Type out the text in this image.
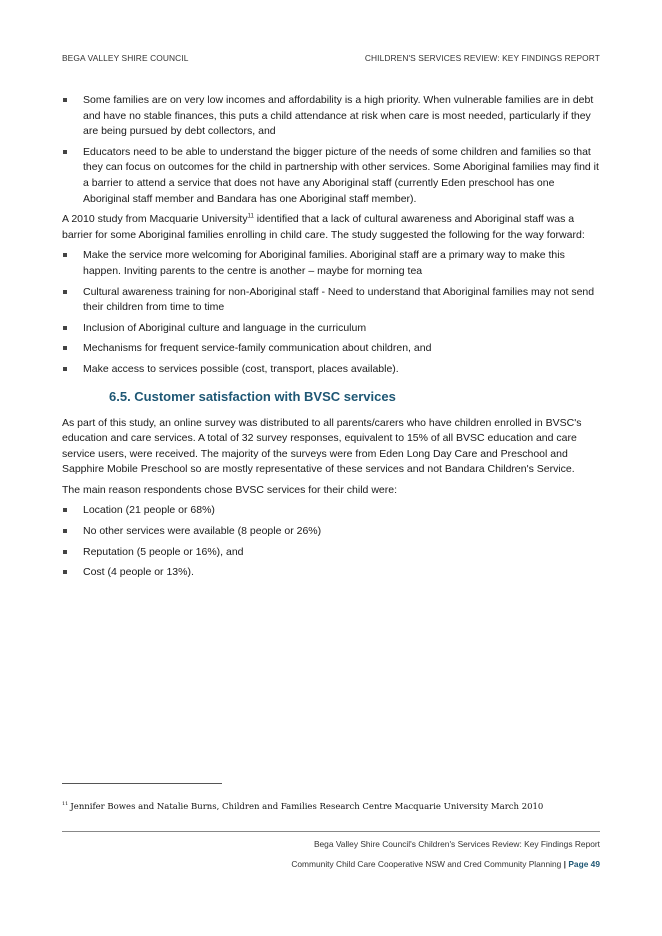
BEGA VALLEY SHIRE COUNCIL	CHILDREN'S SERVICES REVIEW: KEY FINDINGS REPORT
Some families are on very low incomes and affordability is a high priority. When vulnerable families are in debt and have no stable finances, this puts a child attendance at risk when care is most needed, particularly if they are being pursued by debt collectors, and
Educators need to be able to understand the bigger picture of the needs of some children and families so that they can focus on outcomes for the child in partnership with other services. Some Aboriginal families may find it a barrier to attend a service that does not have any Aboriginal staff (currently Eden preschool has one Aboriginal staff member and Bandara has one Aboriginal staff member).

A 2010 study from Macquarie University$^{11}$ identified that a lack of cultural awareness and Aboriginal staff was a barrier for some Aboriginal families enrolling in child care. The study suggested the following for the way forward:

Make the service more welcoming for Aboriginal families. Aboriginal staff are a primary way to make this happen. Inviting parents to the centre is another – maybe for morning tea
Cultural awareness training for non-Aboriginal staff - Need to understand that Aboriginal families may not send their children from time to time
Inclusion of Aboriginal culture and language in the curriculum
Mechanisms for frequent service-family communication about children, and
Make access to services possible (cost, transport, places available).
6.5. Customer satisfaction with BVSC services

As part of this study, an online survey was distributed to all parents/carers who have children enrolled in BVSC's education and care services. A total of 32 survey responses, equivalent to 15% of all BVSC education and care service users, were received. The majority of the surveys were from Eden Long Day Care and Preschool and Sapphire Mobile Preschool so are mostly representative of these services and not Bandara Children's Service.

The main reason respondents chose BVSC services for their child were:

Location (21 people or 68%)
No other services were available (8 people or 26%)
Reputation (5 people or 16%), and
Cost (4 people or 13%).
$^{11}$ Jennifer Bowes and Natalie Burns, Children and Families Research Centre Macquarie University March 2010
Bega Valley Shire Council's Children's Services Review: Key Findings Report
Community Child Care Cooperative NSW and Cred Community Planning | Page 49
